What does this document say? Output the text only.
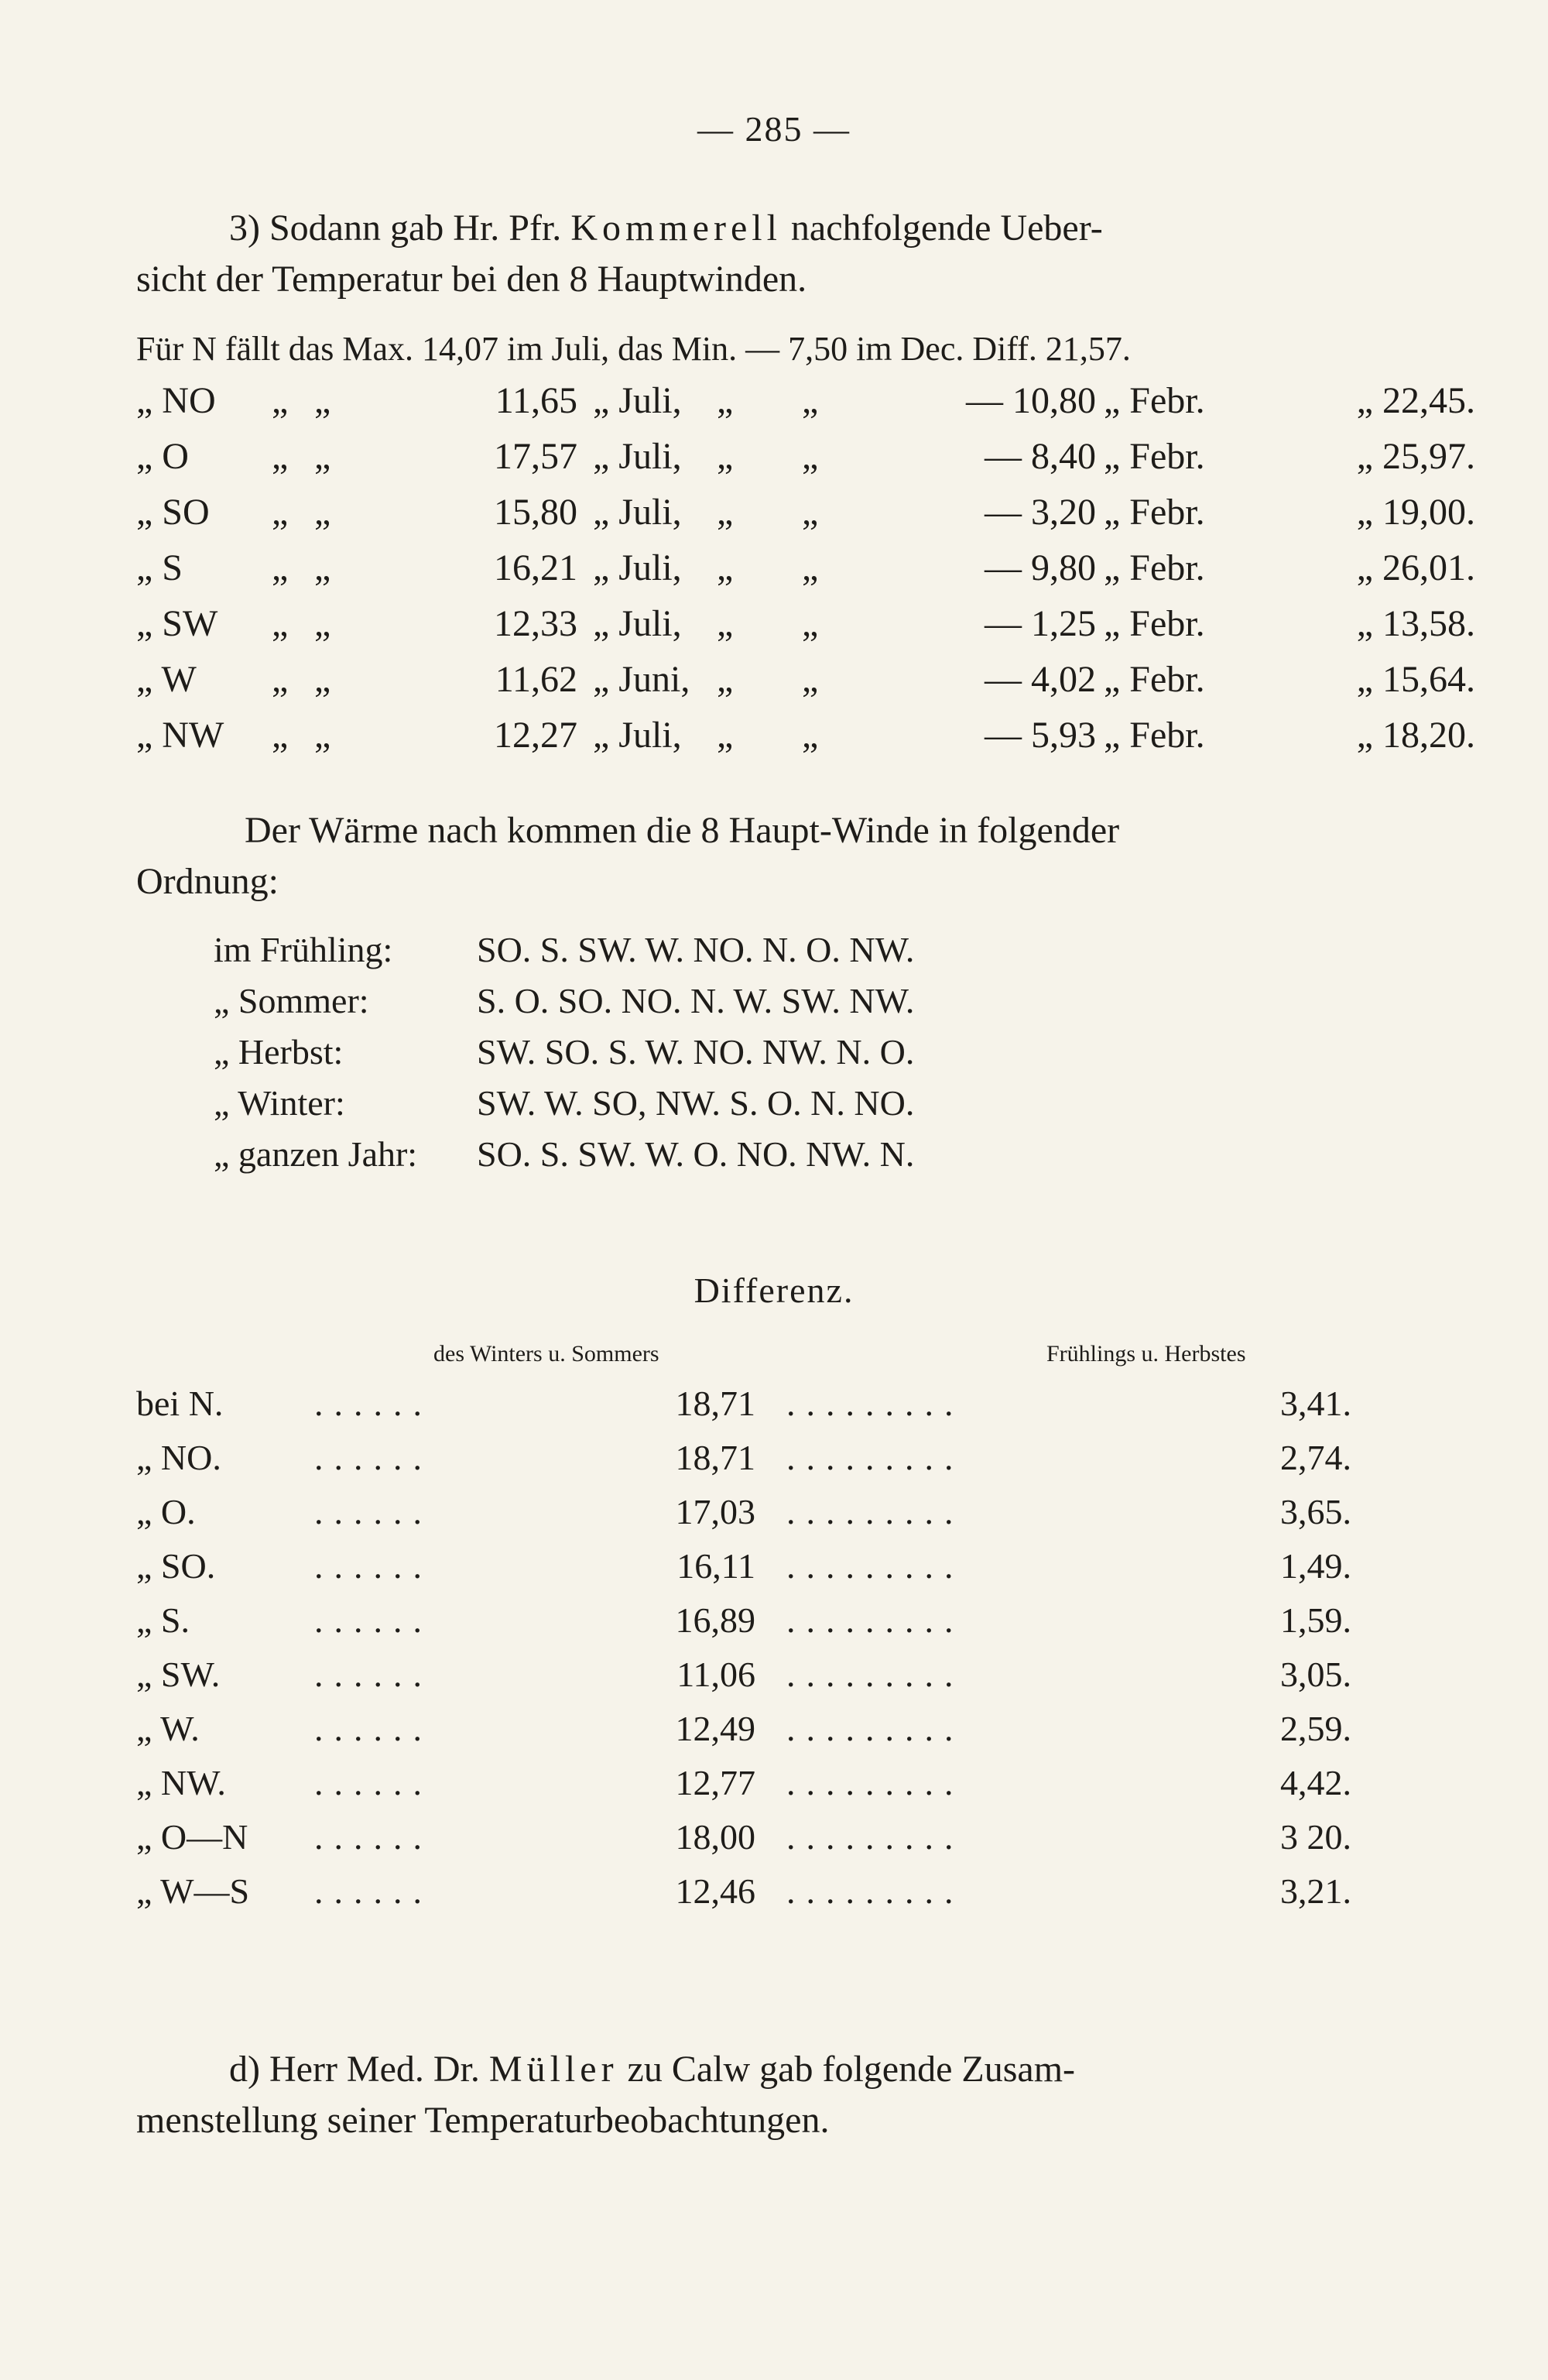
— 285 —
3) Sodann gab Hr. Pfr. Kommerell nachfolgende Ueber-
sicht der Temperatur bei den 8 Hauptwinden.
Für N fällt das Max. 14,07 im Juli, das Min. — 7,50 im Dec. Diff. 21,57.
„ NO „ „	11,65 „ Juli, „ „	— 10,80 „ Febr.	„ 22,45.
„ O „ „	17,57 „ Juli, „ „	— 8,40 „ Febr.	„ 25,97.
„ SO „ „	15,80 „ Juli, „ „	— 3,20 „ Febr.	„ 19,00.
„ S „ „	16,21 „ Juli, „ „	— 9,80 „ Febr.	„ 26,01.
„ SW „ „	12,33 „ Juli, „ „	— 1,25 „ Febr.	„ 13,58.
„ W „ „	11,62 „ Juni, „ „	— 4,02 „ Febr.	„ 15,64.
„ NW „ „	12,27 „ Juli, „ „	— 5,93 „ Febr.	„ 18,20.
Der Wärme nach kommen die 8 Haupt-Winde in folgender
Ordnung:
im Frühling: SO. S. SW. W. NO. N. O. NW.
„ Sommer:	S. O. SO. NO. N. W. SW. NW.
„ Herbst:	SW. SO. S. W. NO. NW. N. O.
„ Winter:	SW. W. SO, NW. S. O. N. NO.
„ ganzen Jahr: SO. S. SW. W. O. NO. NW. N.
Differenz.
des Winters u. Sommers	Frühlings u. Herbstes
bei N.	......	18,71 .........	3,41.
„ NO.	......	18,71 .........	2,74.
„ O.	......	17,03 .........	3,65.
„ SO.	......	16,11 .........	1,49.
„ S.	......	16,89 .........	1,59.
„ SW.	......	11,06 .........	3,05.
„ W.	......	12,49 .........	2,59.
„ NW. ......	12,77 .........	4,42.
„ O—N ......	18,00 .........	3 20.
„ W—S ......	12,46 .........	3,21.
d) Herr Med. Dr. Müller zu Calw gab folgende Zusam-
menstellung seiner Temperaturbeobachtungen.
